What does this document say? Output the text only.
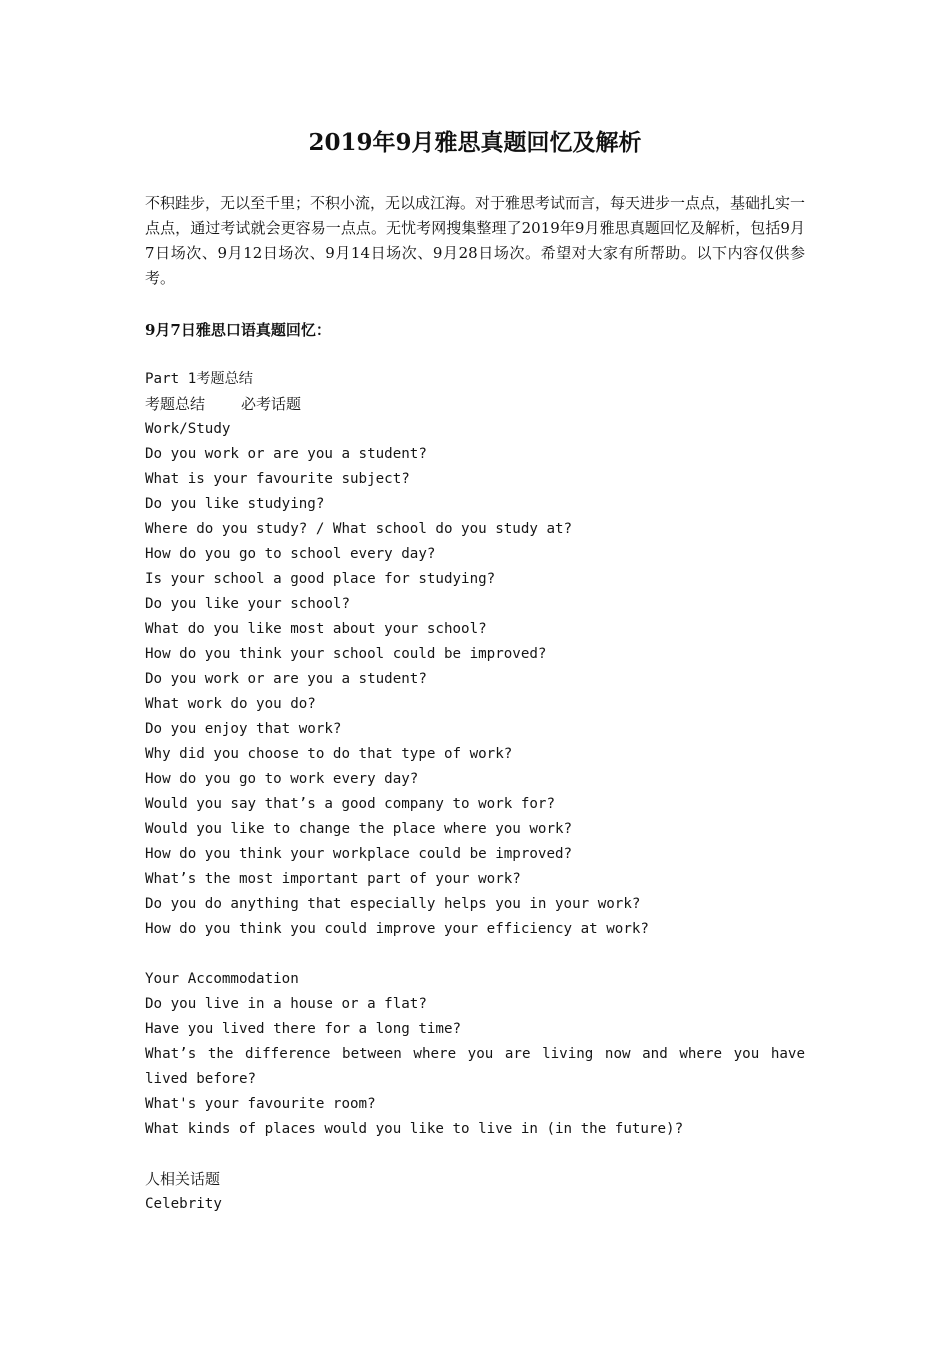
2019年9月雅思真题回忆及解析
不积跬步，无以至千里；不积小流，无以成江海。对于雅思考试而言，每天进步一点点，基础扎实一点点，通过考试就会更容易一点点。无忧考网搜集整理了2019年9月雅思真题回忆及解析，包括9月7日场次、9月12日场次、9月14日场次、9月28日场次。希望对大家有所帮助。以下内容仅供参考。
9月7日雅思口语真题回忆：
Part 1考题总结
考题总结 必考话题
Work/Study
Do you work or are you a student?
What is your favourite subject?
Do you like studying?
Where do you study? / What school do you study at?
How do you go to school every day?
Is your school a good place for studying?
Do you like your school?
What do you like most about your school?
How do you think your school could be improved?
Do you work or are you a student?
What work do you do?
Do you enjoy that work?
Why did you choose to do that type of work?
How do you go to work every day?
Would you say that’s a good company to work for?
Would you like to change the place where you work?
How do you think your workplace could be improved?
What’s the most important part of your work?
Do you do anything that especially helps you in your work?
How do you think you could improve your efficiency at work?
Your Accommodation
Do you live in a house or a flat?
Have you lived there for a long time?
What’s the difference between where you are living now and where you have
lived before?
What's your favourite room?
What kinds of places would you like to live in (in the future)?
人相关话题
Celebrity
